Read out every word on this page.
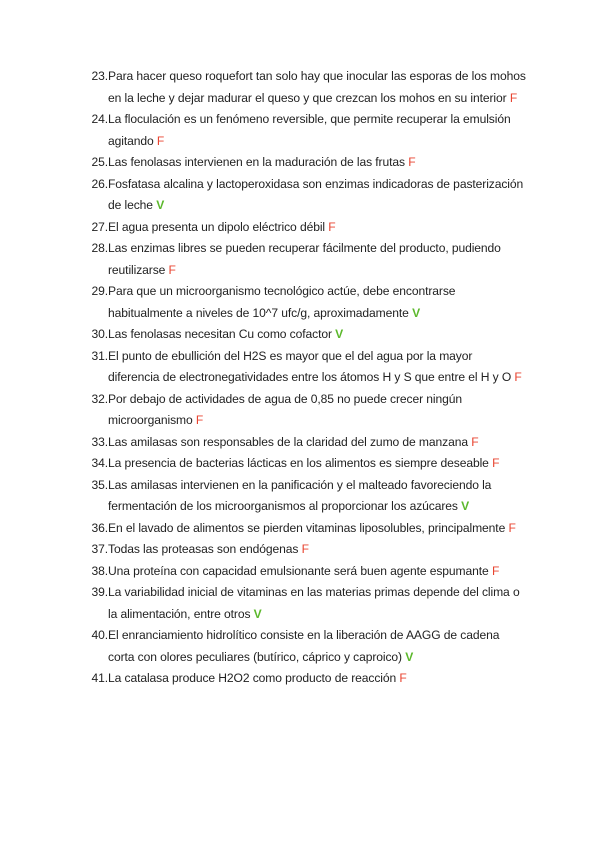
23. Para hacer queso roquefort tan solo hay que inocular las esporas de los mohos en la leche y dejar madurar el queso y que crezcan los mohos en su interior F
24. La floculación es un fenómeno reversible, que permite recuperar la emulsión agitando F
25. Las fenolasas intervienen en la maduración de las frutas F
26. Fosfatasa alcalina y lactoperoxidasa son enzimas indicadoras de pasterización de leche V
27. El agua presenta un dipolo eléctrico débil F
28. Las enzimas libres se pueden recuperar fácilmente del producto, pudiendo reutilizarse F
29. Para que un microorganismo tecnológico actúe, debe encontrarse habitualmente a niveles de 10^7 ufc/g, aproximadamente V
30. Las fenolasas necesitan Cu como cofactor V
31. El punto de ebullición del H2S es mayor que el del agua por la mayor diferencia de electronegatividades entre los átomos H y S que entre el H y O F
32. Por debajo de actividades de agua de 0,85 no puede crecer ningún microorganismo F
33. Las amilasas son responsables de la claridad del zumo de manzana F
34. La presencia de bacterias lácticas en los alimentos es siempre deseable F
35. Las amilasas intervienen en la panificación y el malteado favoreciendo la fermentación de los microorganismos al proporcionar los azúcares V
36. En el lavado de alimentos se pierden vitaminas liposolubles, principalmente F
37. Todas las proteasas son endógenas F
38. Una proteína con capacidad emulsionante será buen agente espumante F
39. La variabilidad inicial de vitaminas en las materias primas depende del clima o la alimentación, entre otros V
40. El enranciamiento hidrolítico consiste en la liberación de AAGG de cadena corta con olores peculiares (butírico, cáprico y caproico) V
41. La catalasa produce H2O2 como producto de reacción F
